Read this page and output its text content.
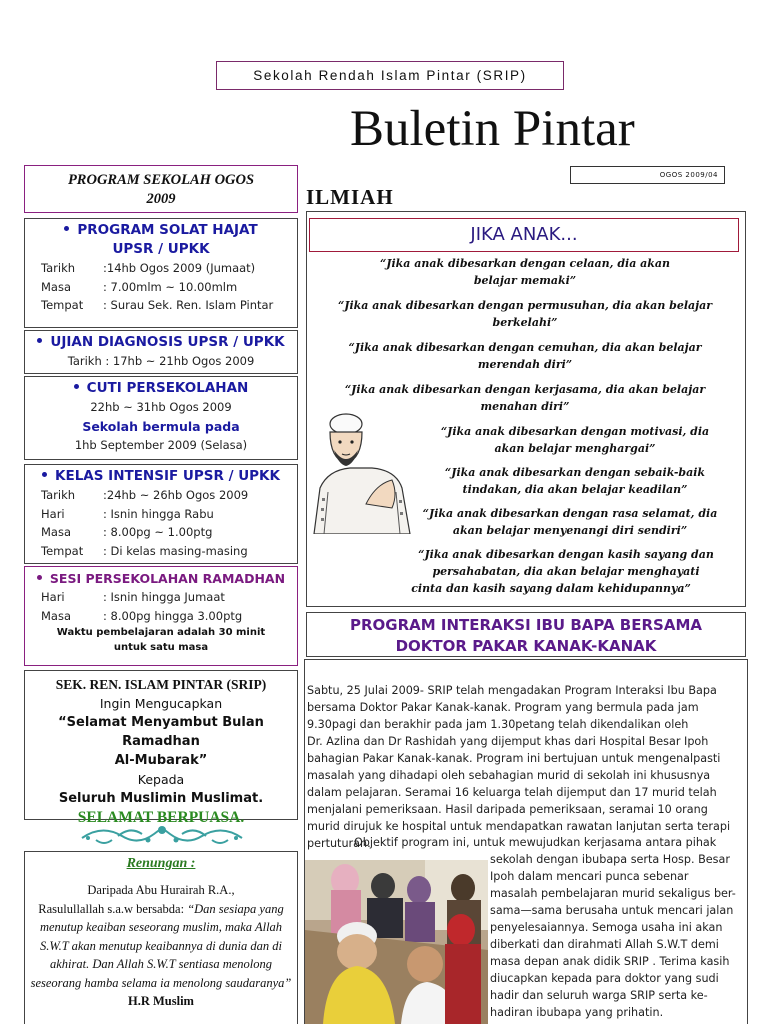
Sekolah Rendah Islam Pintar (SRIP)
Buletin Pintar
OGOS 2009/04
PROGRAM SEKOLAH OGOS
2009
PROGRAM SOLAT HAJAT
UPSR / UPKK
Tarikh	:14hb Ogos 2009 (Jumaat)
Masa	: 7.00mlm ~ 10.00mlm
Tempat	: Surau Sek. Ren. Islam Pintar
UJIAN DIAGNOSIS UPSR / UPKK
Tarikh : 17hb ~ 21hb Ogos 2009
CUTI PERSEKOLAHAN
22hb ~ 31hb Ogos 2009
Sekolah bermula pada
1hb September 2009 (Selasa)
KELAS INTENSIF UPSR / UPKK
Tarikh	:24hb ~ 26hb Ogos 2009
Hari	: Isnin hingga Rabu
Masa	: 8.00pg ~ 1.00ptg
Tempat	: Di kelas masing-masing
SESI PERSEKOLAHAN RAMADHAN
Hari	: Isnin hingga Jumaat
Masa	: 8.00pg hingga 3.00ptg
Waktu pembelajaran adalah 30 minit
untuk satu masa
SEK. REN. ISLAM PINTAR (SRIP)
Ingin Mengucapkan
“Selamat Menyambut Bulan Ramadhan
Al-Mubarak”
Kepada
Seluruh Muslimin Muslimat.
SELAMAT BERPUASA.
Renungan :
Daripada Abu Hurairah R.A.,
Rasulullallah s.a.w bersabda: “Dan sesiapa yang
menutup keaiban seseorang muslim, maka Allah
S.W.T akan menutup keaibannya di dunia dan di
akhirat. Dan Allah S.W.T sentiasa menolong
seseorang hamba selama ia menolong saudaranya”
H.R Muslim
ILMIAH
JIKA ANAK...
“Jika anak dibesarkan dengan celaan, dia akan
belajar memaki”
“Jika anak dibesarkan dengan permusuhan, dia akan belajar
berkelahi”
“Jika anak dibesarkan dengan cemuhan, dia akan belajar
merendah diri”
“Jika anak dibesarkan dengan kerjasama, dia akan belajar
menahan diri”
“Jika anak dibesarkan dengan motivasi, dia
akan belajar menghargai”
“Jika anak dibesarkan dengan sebaik-baik
tindakan, dia akan belajar keadilan”
“Jika anak dibesarkan dengan rasa selamat, dia
akan belajar menyenangi diri sendiri”
“Jika anak dibesarkan dengan kasih sayang dan
persahabatan, dia akan belajar menghayati
cinta dan kasih sayang dalam kehidupannya”
PROGRAM INTERAKSI IBU BAPA BERSAMA
DOKTOR PAKAR KANAK-KANAK
Sabtu, 25 Julai 2009- SRIP telah mengadakan Program Interaksi Ibu Bapa
bersama Doktor Pakar Kanak-kanak. Program yang bermula pada jam
9.30pagi dan berakhir pada jam 1.30petang telah dikendalikan oleh
Dr. Azlina dan Dr Rashidah yang dijemput khas dari Hospital Besar Ipoh
bahagian Pakar Kanak-kanak. Program ini bertujuan untuk mengenalpasti
masalah yang dihadapi oleh sebahagian murid di sekolah ini khususnya
dalam pelajaran. Seramai 16 keluarga telah dijemput dan 17 murid telah
menjalani pemeriksaan. Hasil daripada pemeriksaan, seramai 10 orang
murid dirujuk ke hospital untuk mendapatkan rawatan lanjutan serta terapi
pertuturan.
Objektif program ini, untuk mewujudkan kerjasama antara pihak
sekolah dengan ibubapa serta Hosp. Besar
Ipoh dalam mencari punca sebenar
masalah pembelajaran murid sekaligus ber-
sama—sama berusaha untuk mencari jalan
penyelesaiannya. Semoga usaha ini akan
diberkati dan dirahmati Allah S.W.T demi
masa depan anak didik SRIP . Terima kasih
diucapkan kepada para doktor yang sudi
hadir dan seluruh warga SRIP serta ke-
hadiran ibubapa yang prihatin.
